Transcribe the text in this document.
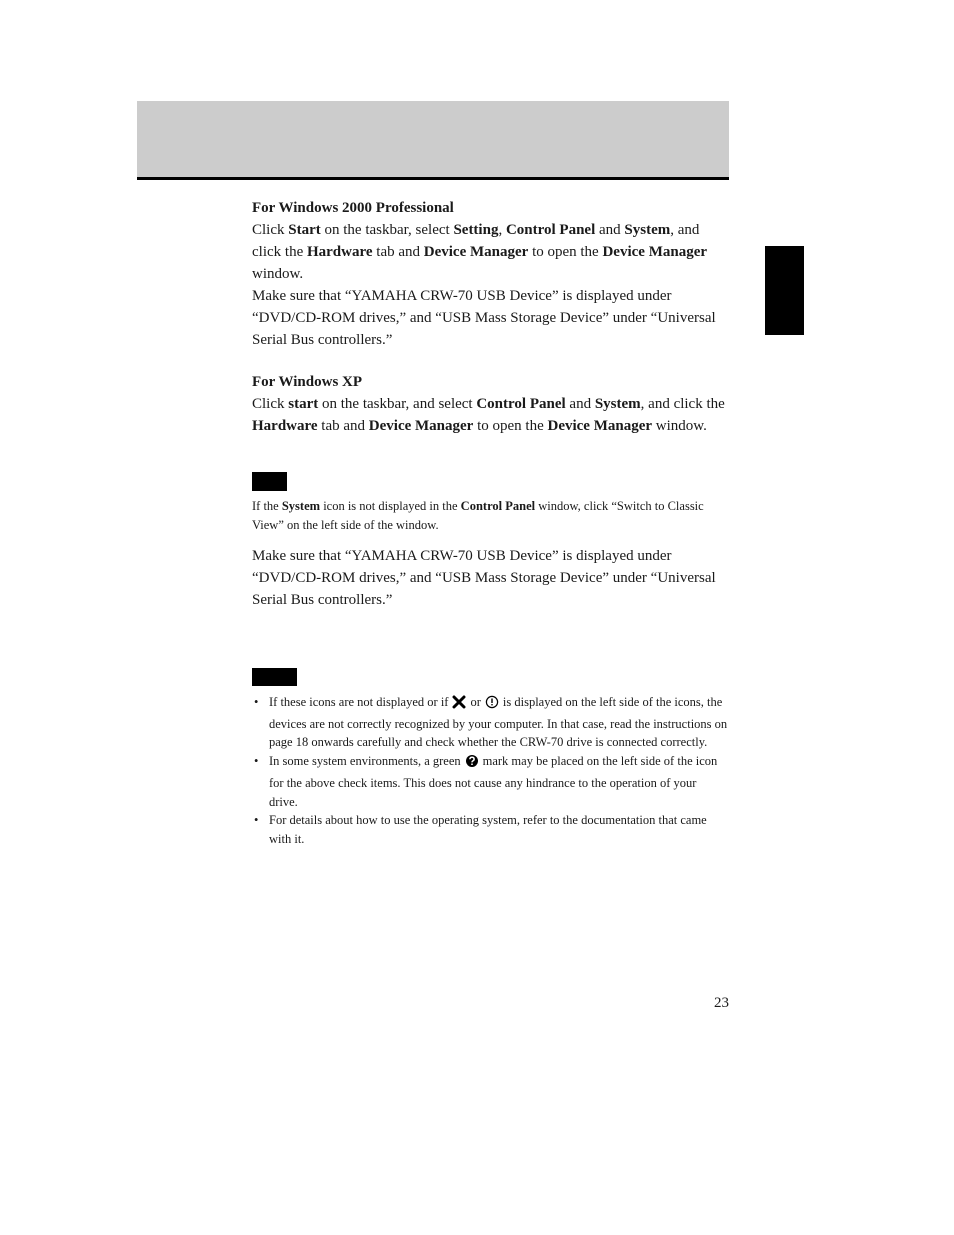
For Windows 2000 Professional

Click Start on the taskbar, select Setting, Control Panel and System, and click the Hardware tab and Device Manager to open the Device Manager window.

Make sure that “YAMAHA CRW-70 USB Device” is displayed under “DVD/CD-ROM drives,” and “USB Mass Storage Device” under “Universal Serial Bus controllers.”

For Windows XP

Click start on the taskbar, and select Control Panel and System, and click the Hardware tab and Device Manager to open the Device Manager window.

If the System icon is not displayed in the Control Panel window, click “Switch to Classic View” on the left side of the window.

Make sure that “YAMAHA CRW-70 USB Device” is displayed under “DVD/CD-ROM drives,” and “USB Mass Storage Device” under “Universal Serial Bus controllers.”

• If these icons are not displayed or if or is displayed on the left side of the icons, the devices are not correctly recognized by your computer. In that case, read the instructions on page 18 onwards carefully and check whether the CRW-70 drive is connected correctly.
• In some system environments, a green mark may be placed on the left side of the icon for the above check items. This does not cause any hindrance to the operation of your drive.
• For details about how to use the operating system, refer to the documentation that came with it.
23
